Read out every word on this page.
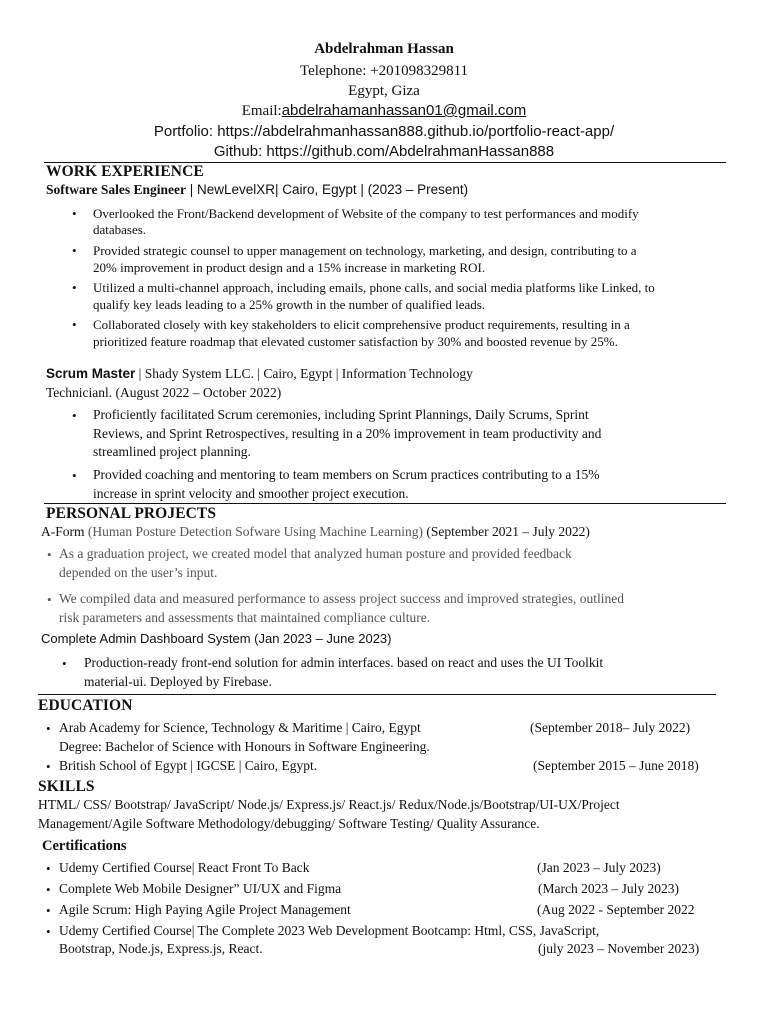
Abdelrahman Hassan
Telephone: +201098329811
Egypt, Giza
Email:abdelrahamanhassan01@gmail.com
Portfolio: https://abdelrahmanhassan888.github.io/portfolio-react-app/
Github: https://github.com/AbdelrahmanHassan888
WORK EXPERIENCE
Software Sales Engineer | NewLevelXR| Cairo, Egypt | (2023 – Present)
• Overlooked the Front/Backend development of Website of the company to test performances and modify
databases.
• Provided strategic counsel to upper management on technology, marketing, and design, contributing to a
20% improvement in product design and a 15% increase in marketing ROI.
• Utilized a multi-channel approach, including emails, phone calls, and social media platforms like Linked, to
qualify key leads leading to a 25% growth in the number of qualified leads.
• Collaborated closely with key stakeholders to elicit comprehensive product requirements, resulting in a
prioritized feature roadmap that elevated customer satisfaction by 30% and boosted revenue by 25%.
Scrum Master | Shady System LLC. | Cairo, Egypt | Information Technology
Technicianl. (August 2022 – October 2022)
• Proficiently facilitated Scrum ceremonies, including Sprint Plannings, Daily Scrums, Sprint
Reviews, and Sprint Retrospectives, resulting in a 20% improvement in team productivity and
streamlined project planning.
• Provided coaching and mentoring to team members on Scrum practices contributing to a 15%
increase in sprint velocity and smoother project execution.
PERSONAL PROJECTS
A-Form (Human Posture Detection Sofware Using Machine Learning) (September 2021 – July 2022)
• As a graduation project, we created model that analyzed human posture and provided feedback
depended on the user’s input.
• We compiled data and measured performance to assess project success and improved strategies, outlined
risk parameters and assessments that maintained compliance culture.
Complete Admin Dashboard System (Jan 2023 – June 2023)
• Production-ready front-end solution for admin interfaces. based on react and uses the UI Toolkit
material-ui. Deployed by Firebase.
EDUCATION
• Arab Academy for Science, Technology & Maritime | Cairo, Egypt	(September 2018– July 2022)
Degree: Bachelor of Science with Honours in Software Engineering.
• British School of Egypt | IGCSE | Cairo, Egypt.	(September 2015 – June 2018)
SKILLS
HTML/ CSS/ Bootstrap/ JavaScript/ Node.js/ Express.js/ React.js/ Redux/Node.js/Bootstrap/UI-UX/Project
Management/Agile Software Methodology/debugging/ Software Testing/ Quality Assurance.
Certifications
• Udemy Certified Course| React Front To Back	(Jan 2023 – July 2023)
• Complete Web Mobile Designer” UI/UX and Figma	(March 2023 – July 2023)
• Agile Scrum: High Paying Agile Project Management	(Aug 2022 - September 2022
• Udemy Certified Course| The Complete 2023 Web Development Bootcamp: Html, CSS, JavaScript,
Bootstrap, Node.js, Express.js, React.	(july 2023 – November 2023)
